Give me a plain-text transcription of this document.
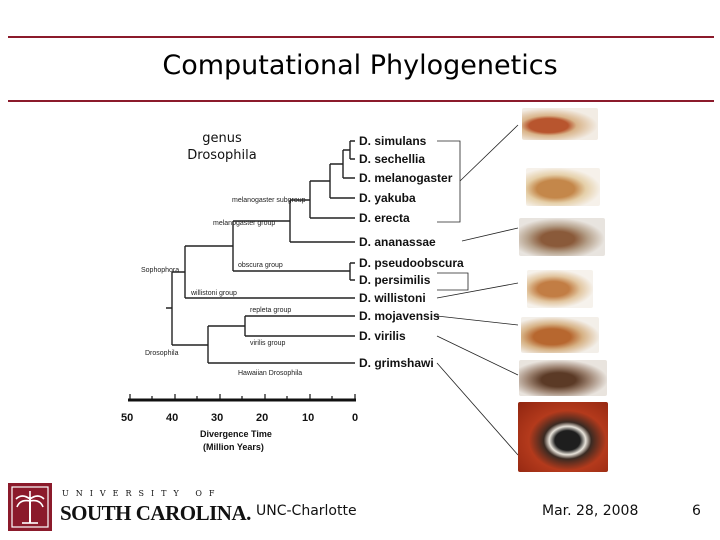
Computational Phylogenetics
genus
Drosophila
D. simulans
D. sechellia
D. melanogaster
D. yakuba
D. erecta
D. ananassae
D. pseudoobscura
D. persimilis
D. willistoni
D. mojavensis
D. virilis
D. grimshawi
melanogaster subgroup
melanogaster group
obscura group
Sophophora
willistoni group
repleta group
virilis group
Drosophila
Hawaiian Drosophila
50	40	30	20	10	0
Divergence Time
(Million Years)
UNIVERSITY OF
SOUTH CAROLINA. UNC-Charlotte	Mar. 28, 2008	6
